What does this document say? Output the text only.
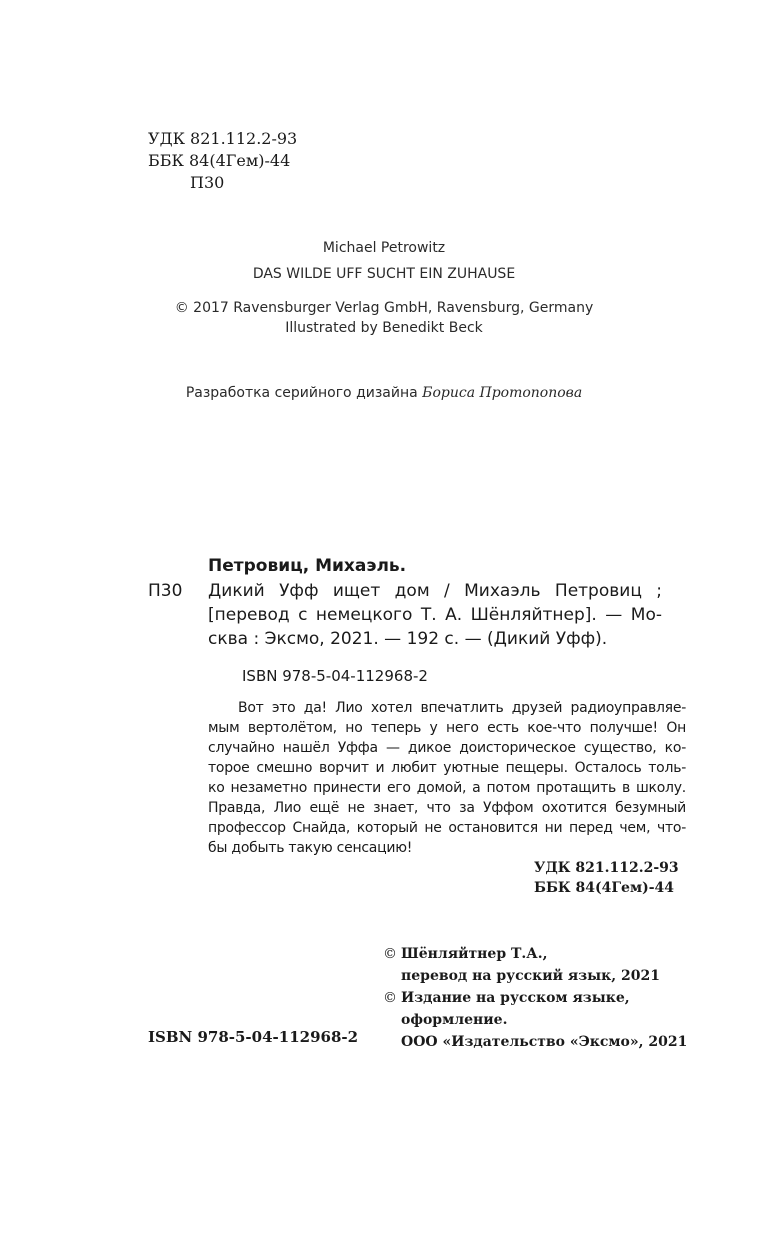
УДК 821.112.2-93
ББК 84(4Гем)-44
П30
Michael Petrowitz
DAS WILDE UFF SUCHT EIN ZUHAUSE
© 2017 Ravensburger Verlag GmbH, Ravensburg, Germany
Illustrated by Benedikt Beck
Разработка серийного дизайна Бориса Протопопова
Петровиц, Михаэль.
П30 Дикий Уфф ищет дом / Михаэль Петровиц ;
[перевод с немецкого Т. А. Шёнляйтнер]. — Мо-
сква : Эксмо, 2021. — 192 с. — (Дикий Уфф).
ISBN 978-5-04-112968-2
Вот это да! Лио хотел впечатлить друзей радиоуправляе-
мым вертолётом, но теперь у него есть кое-что получше! Он
случайно нашёл Уффа — дикое доисторическое существо, ко-
торое смешно ворчит и любит уютные пещеры. Осталось толь-
ко незаметно принести его домой, а потом протащить в школу.
Правда, Лио ещё не знает, что за Уффом охотится безумный
профессор Снайда, который не остановится ни перед чем, что-
бы добыть такую сенсацию!
УДК 821.112.2-93
ББК 84(4Гем)-44
© Шёнляйтнер Т.А.,
перевод на русский язык, 2021
© Издание на русском языке,
оформление.
ООО «Издательство «Эксмо», 2021
ISBN 978-5-04-112968-2
